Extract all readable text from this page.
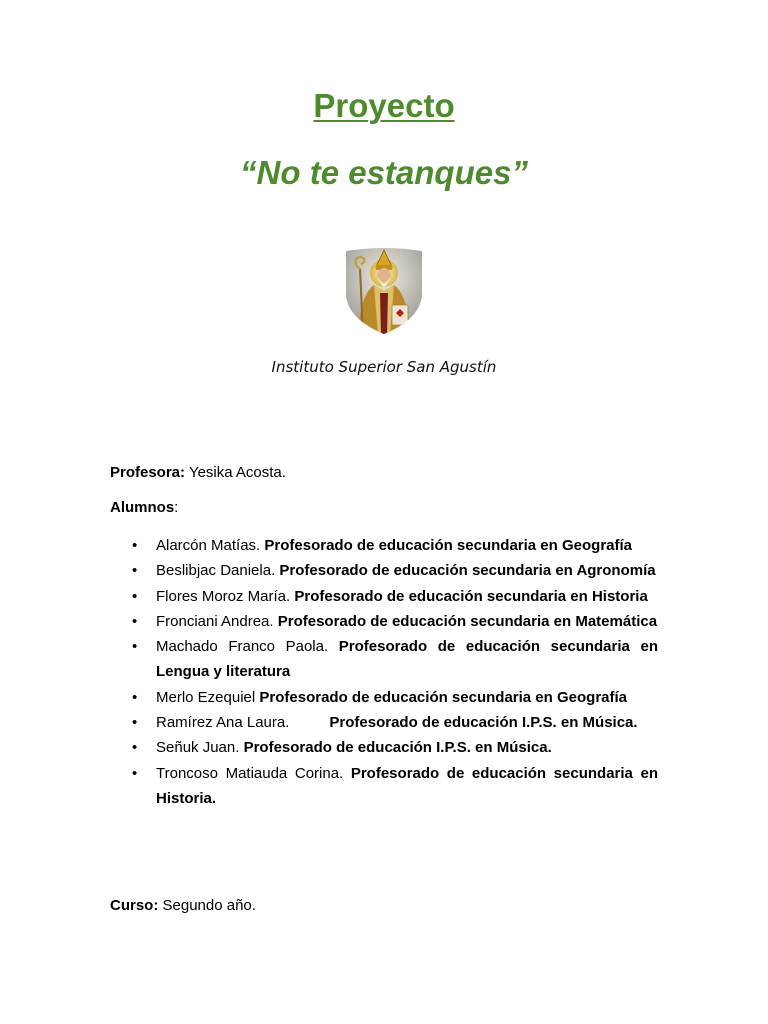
Proyecto
“No te estanques”
Instituto Superior San Agustín

Profesora: Yesika Acosta.

Alumnos:

• Alarcón Matías. Profesorado de educación secundaria en Geografía
• Beslibjac Daniela. Profesorado de educación secundaria en Agronomía
• Flores Moroz María. Profesorado de educación secundaria en Historia
• Fronciani Andrea. Profesorado de educación secundaria en Matemática
• Machado Franco Paola. Profesorado de educación secundaria en Lengua y literatura
• Merlo Ezequiel Profesorado de educación secundaria en Geografía
• Ramírez Ana Laura.	Profesorado de educación I.P.S. en Música.
• Señuk Juan. Profesorado de educación I.P.S. en Música.
• Troncoso Matiauda Corina. Profesorado de educación secundaria en Historia.

Curso: Segundo año.
